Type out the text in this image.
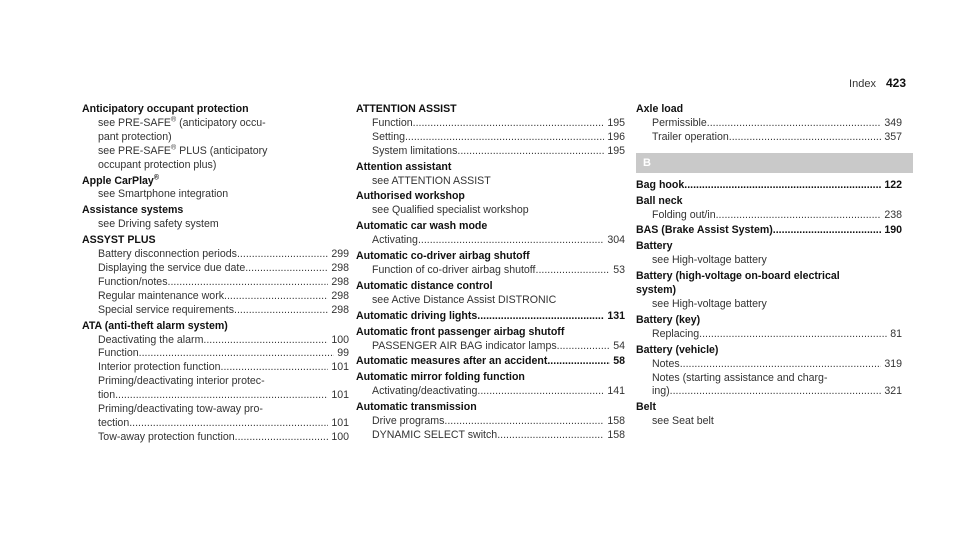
Index 423
Anticipatory occupant protection
see PRE-SAFE® (anticipatory occu-
pant protection)
see PRE-SAFE® PLUS (anticipatory
occupant protection plus)
Apple CarPlay®
see Smartphone integration
Assistance systems
see Driving safety system
ASSYST PLUS
Battery disconnection periods .....	299
Displaying the service due date .....	298
Function/notes .....	298
Regular maintenance work .....	298
Special service requirements .....	298
ATA (anti-theft alarm system)
Deactivating the alarm .....	100
Function .....	99
Interior protection function .....	101
Priming/deactivating interior protec-
tion .....	101
Priming/deactivating tow-away pro-
tection .....	101
Tow-away protection function .....	100
ATTENTION ASSIST
Function .....	195
Setting .....	196
System limitations .....	195
Attention assistant
see ATTENTION ASSIST
Authorised workshop
see Qualified specialist workshop
Automatic car wash mode
Activating .....	304
Automatic co-driver airbag shutoff
Function of co-driver airbag shutoff .....	53
Automatic distance control
see Active Distance Assist DISTRONIC
Automatic driving lights .....	131
Automatic front passenger airbag shutoff
PASSENGER AIR BAG indicator lamps .....	54
Automatic measures after an accident .....	58
Automatic mirror folding function
Activating/deactivating .....	141
Automatic transmission
Drive programs .....	158
DYNAMIC SELECT switch .....	158
Axle load
Permissible .....	349
Trailer operation .....	357
B
Bag hook .....	122
Ball neck
Folding out/in .....	238
BAS (Brake Assist System) .....	190
Battery
see High-voltage battery
Battery (high-voltage on-board electrical
system)
see High-voltage battery
Battery (key)
Replacing .....	81
Battery (vehicle)
Notes .....	319
Notes (starting assistance and charg-
ing) .....	321
Belt
see Seat belt
